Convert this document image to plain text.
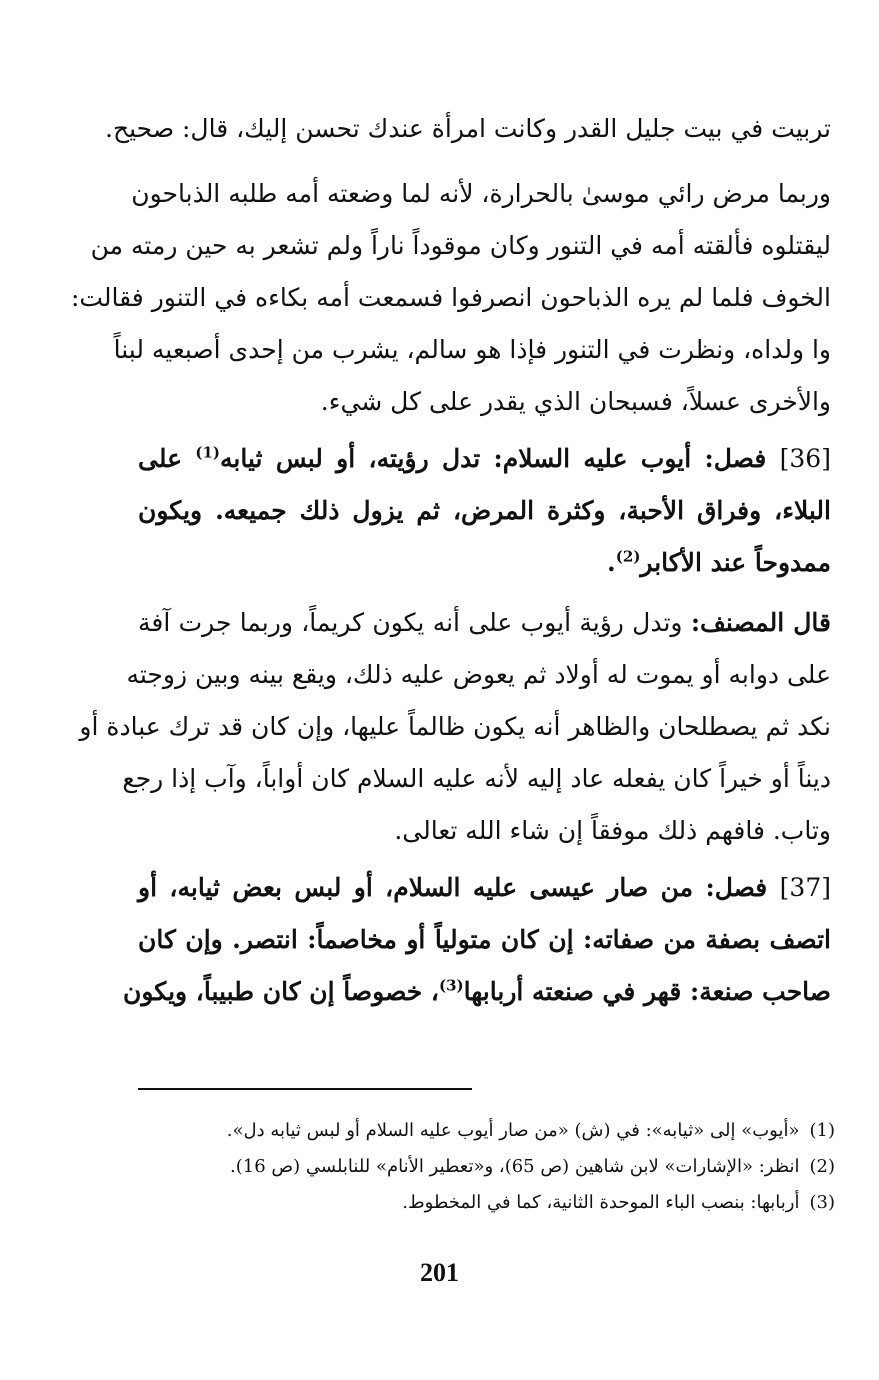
تربيت في بيت جليل القدر وكانت امرأة عندك تحسن إليك، قال: صحيح.
وربما مرض رائي موسىٰ بالحرارة، لأنه لما وضعته أمه طلبه الذباحون
ليقتلوه فألقته أمه في التنور وكان موقوداً ناراً ولم تشعر به حين رمته من
الخوف فلما لم يره الذباحون انصرفوا فسمعت أمه بكاءه في التنور فقالت:
وا ولداه، ونظرت في التنور فإذا هو سالم، يشرب من إحدى أصبعيه لبناً
والأخرى عسلاً، فسبحان الذي يقدر على كل شيء.
[36] فصل: أيوب عليه السلام: تدل رؤيته، أو لبس ثيابه$^{(1)}$ على
البلاء، وفراق الأحبة، وكثرة المرض، ثم يزول ذلك جميعه. ويكون
ممدوحاً عند الأكابر$^{(2)}$.
قال المصنف: وتدل رؤية أيوب على أنه يكون كريماً، وربما جرت آفة
على دوابه أو يموت له أولاد ثم يعوض عليه ذلك، ويقع بينه وبين زوجته
نكد ثم يصطلحان والظاهر أنه يكون ظالماً عليها، وإن كان قد ترك عبادة أو
ديناً أو خيراً كان يفعله عاد إليه لأنه عليه السلام كان أواباً، وآب إذا رجع
وتاب. فافهم ذلك موفقاً إن شاء الله تعالى.
[37] فصل: من صار عيسى عليه السلام، أو لبس بعض ثيابه، أو
اتصف بصفة من صفاته: إن كان متولياً أو مخاصماً: انتصر. وإن كان
صاحب صنعة: قهر في صنعته أربابها$^{(3)}$، خصوصاً إن كان طبيباً، ويكون
(1)«أيوب» إلى «ثيابه»: في (ش) «من صار أيوب عليه السلام أو لبس ثيابه دل».
(2)انظر: «الإشارات» لابن شاهين (ص 65)، و«تعطير الأنام» للنابلسي (ص 16).
(3)أربابها: بنصب الباء الموحدة الثانية، كما في المخطوط.
201
